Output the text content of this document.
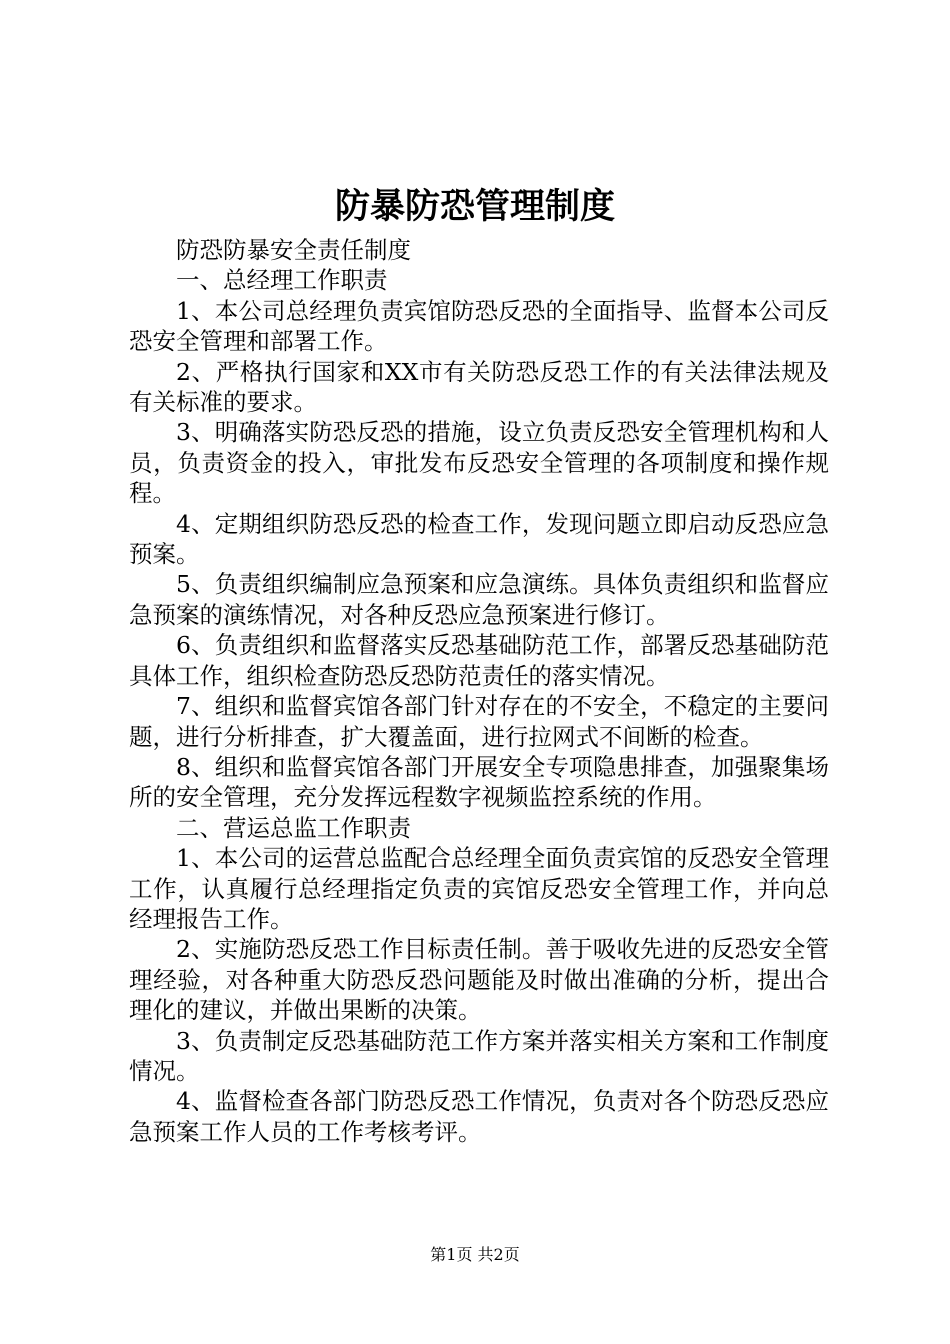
防暴防恐管理制度

防恐防暴安全责任制度

一、总经理工作职责

1、本公司总经理负责宾馆防恐反恐的全面指导、监督本公司反恐安全管理和部署工作。

2、严格执行国家和XX市有关防恐反恐工作的有关法律法规及有关标准的要求。

3、明确落实防恐反恐的措施，设立负责反恐安全管理机构和人员，负责资金的投入，审批发布反恐安全管理的各项制度和操作规程。

4、定期组织防恐反恐的检查工作，发现问题立即启动反恐应急预案。

5、负责组织编制应急预案和应急演练。具体负责组织和监督应急预案的演练情况，对各种反恐应急预案进行修订。

6、负责组织和监督落实反恐基础防范工作，部署反恐基础防范具体工作，组织检查防恐反恐防范责任的落实情况。

7、组织和监督宾馆各部门针对存在的不安全，不稳定的主要问题，进行分析排查，扩大覆盖面，进行拉网式不间断的检查。

8、组织和监督宾馆各部门开展安全专项隐患排查，加强聚集场所的安全管理，充分发挥远程数字视频监控系统的作用。

二、营运总监工作职责

1、本公司的运营总监配合总经理全面负责宾馆的反恐安全管理工作，认真履行总经理指定负责的宾馆反恐安全管理工作，并向总经理报告工作。

2、实施防恐反恐工作目标责任制。善于吸收先进的反恐安全管理经验，对各种重大防恐反恐问题能及时做出准确的分析，提出合理化的建议，并做出果断的决策。

3、负责制定反恐基础防范工作方案并落实相关方案和工作制度情况。

4、监督检查各部门防恐反恐工作情况，负责对各个防恐反恐应急预案工作人员的工作考核考评。

第1页 共2页
